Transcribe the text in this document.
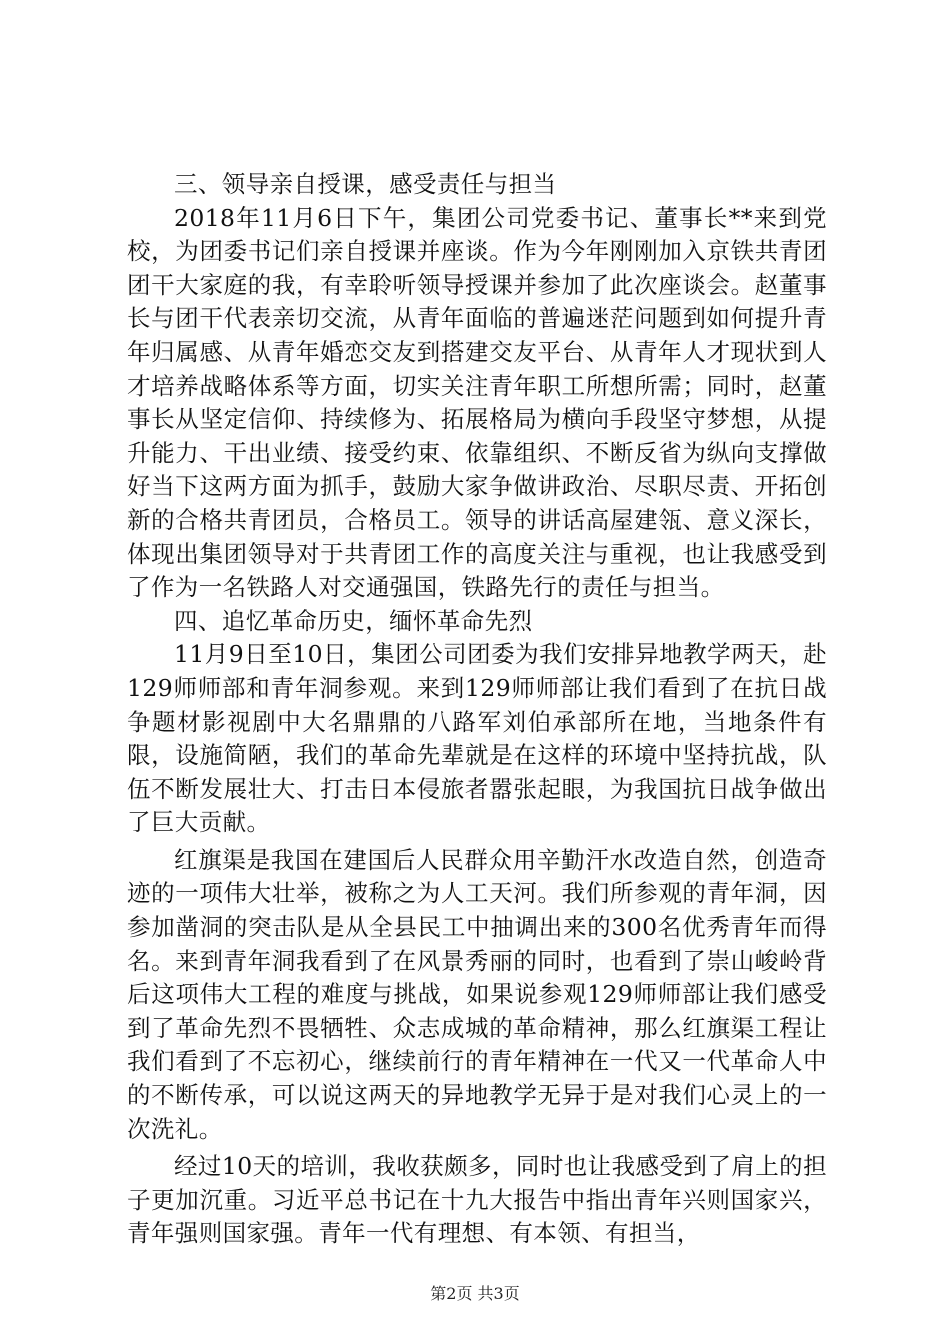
三、领导亲自授课，感受责任与担当

2018年11月6日下午，集团公司党委书记、董事长**来到党校，为团委书记们亲自授课并座谈。作为今年刚刚加入京铁共青团团干大家庭的我，有幸聆听领导授课并参加了此次座谈会。赵董事长与团干代表亲切交流，从青年面临的普遍迷茫问题到如何提升青年归属感、从青年婚恋交友到搭建交友平台、从青年人才现状到人才培养战略体系等方面，切实关注青年职工所想所需；同时，赵董事长从坚定信仰、持续修为、拓展格局为横向手段坚守梦想，从提升能力、干出业绩、接受约束、依靠组织、不断反省为纵向支撑做好当下这两方面为抓手，鼓励大家争做讲政治、尽职尽责、开拓创新的合格共青团员，合格员工。领导的讲话高屋建瓴、意义深长，体现出集团领导对于共青团工作的高度关注与重视，也让我感受到了作为一名铁路人对交通强国，铁路先行的责任与担当。

四、追忆革命历史，缅怀革命先烈

11月9日至10日，集团公司团委为我们安排异地教学两天，赴129师师部和青年洞参观。来到129师师部让我们看到了在抗日战争题材影视剧中大名鼎鼎的八路军刘伯承部所在地，当地条件有限，设施简陋，我们的革命先辈就是在这样的环境中坚持抗战，队伍不断发展壮大、打击日本侵旅者嚣张起眼，为我国抗日战争做出了巨大贡献。

红旗渠是我国在建国后人民群众用辛勤汗水改造自然，创造奇迹的一项伟大壮举，被称之为人工天河。我们所参观的青年洞，因参加凿洞的突击队是从全县民工中抽调出来的300名优秀青年而得名。来到青年洞我看到了在风景秀丽的同时，也看到了崇山峻岭背后这项伟大工程的难度与挑战，如果说参观129师师部让我们感受到了革命先烈不畏牺牲、众志成城的革命精神，那么红旗渠工程让我们看到了不忘初心，继续前行的青年精神在一代又一代革命人中的不断传承，可以说这两天的异地教学无异于是对我们心灵上的一次洗礼。

经过10天的培训，我收获颇多，同时也让我感受到了肩上的担子更加沉重。习近平总书记在十九大报告中指出青年兴则国家兴，青年强则国家强。青年一代有理想、有本领、有担当，

第2页 共3页
